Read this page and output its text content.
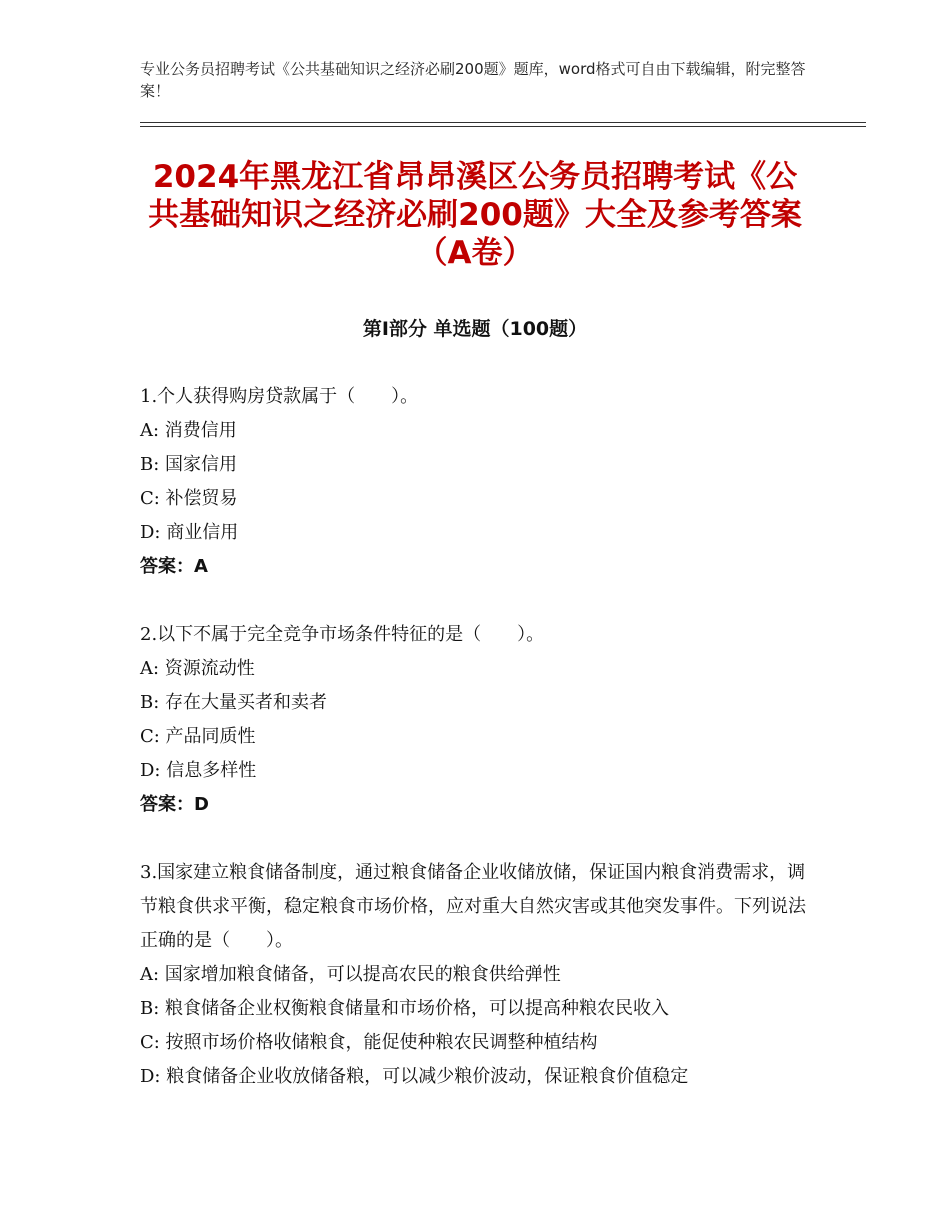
专业公务员招聘考试《公共基础知识之经济必刷200题》题库，word格式可自由下载编辑，附完整答案！
2024年黑龙江省昂昂溪区公务员招聘考试《公共基础知识之经济必刷200题》大全及参考答案（A卷）
第I部分 单选题（100题）

1.个人获得购房贷款属于（　　）。

A: 消费信用

B: 国家信用

C: 补偿贸易

D: 商业信用

答案：A

2.以下不属于完全竞争市场条件特征的是（　　）。

A: 资源流动性

B: 存在大量买者和卖者

C: 产品同质性

D: 信息多样性

答案：D

3.国家建立粮食储备制度，通过粮食储备企业收储放储，保证国内粮食消费需求，调节粮食供求平衡，稳定粮食市场价格，应对重大自然灾害或其他突发事件。下列说法正确的是（　　）。

A: 国家增加粮食储备，可以提高农民的粮食供给弹性

B: 粮食储备企业权衡粮食储量和市场价格，可以提高种粮农民收入

C: 按照市场价格收储粮食，能促使种粮农民调整种植结构

D: 粮食储备企业收放储备粮，可以减少粮价波动，保证粮食价值稳定
